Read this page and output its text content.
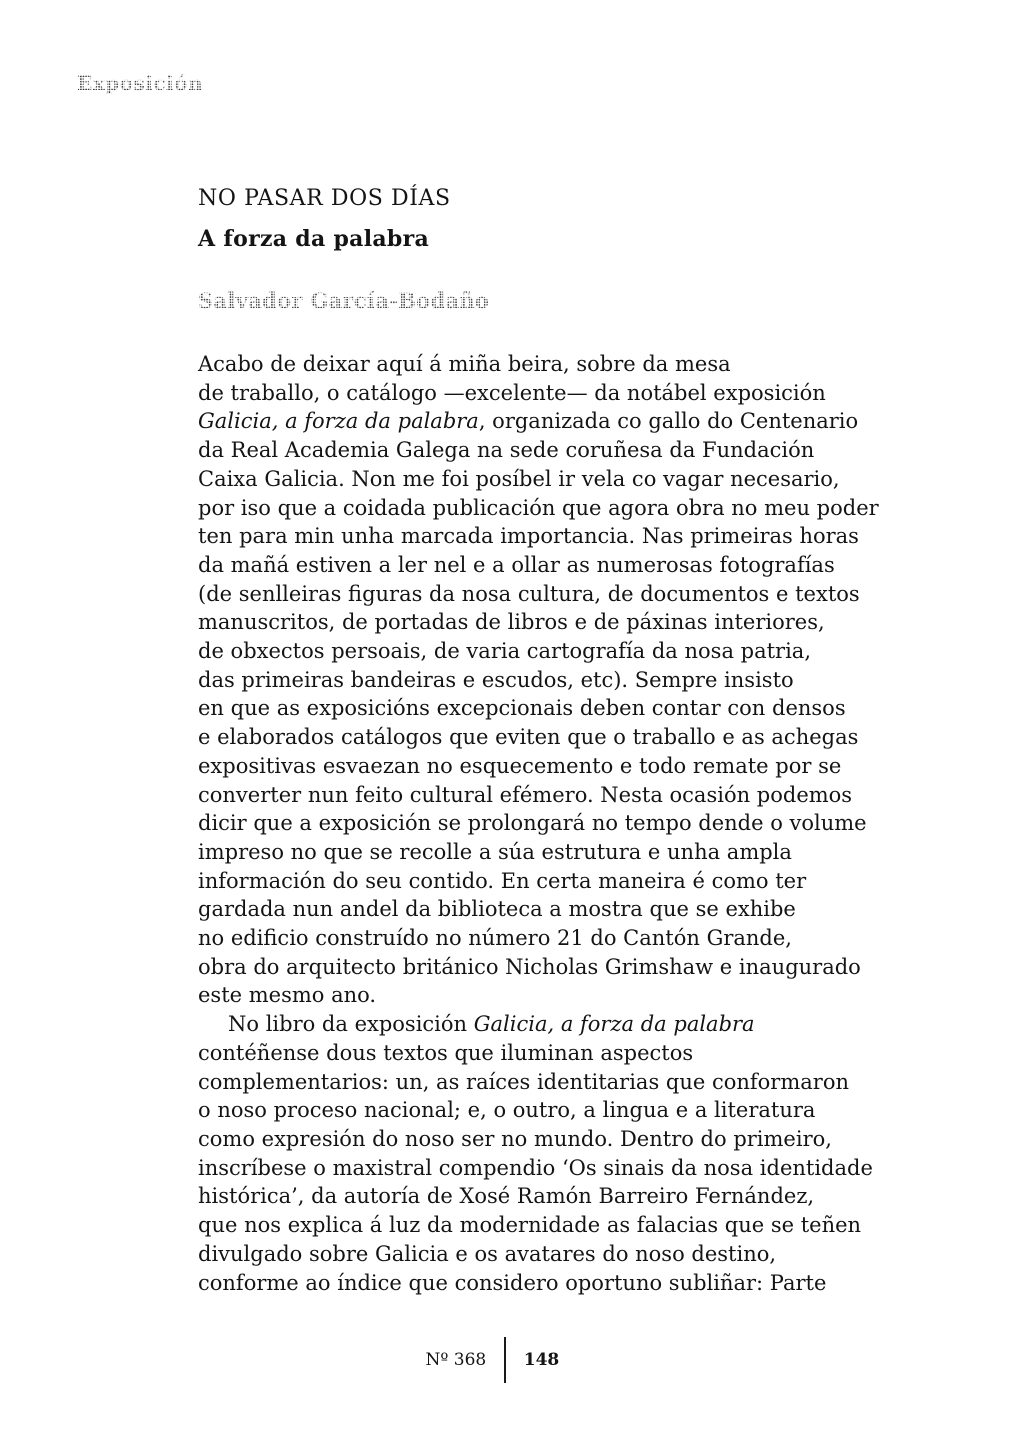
Exposición
NO PASAR DOS DÍAS
A forza da palabra
Salvador García-Bodaño
Acabo de deixar aquí á miña beira, sobre da mesa
de traballo, o catálogo —excelente— da notábel exposición
Galicia, a forza da palabra, organizada co gallo do Centenario
da Real Academia Galega na sede coruñesa da Fundación
Caixa Galicia. Non me foi posíbel ir vela co vagar necesario,
por iso que a coidada publicación que agora obra no meu poder
ten para min unha marcada importancia. Nas primeiras horas
da mañá estiven a ler nel e a ollar as numerosas fotografías
(de senlleiras figuras da nosa cultura, de documentos e textos
manuscritos, de portadas de libros e de páxinas interiores,
de obxectos persoais, de varia cartografía da nosa patria,
das primeiras bandeiras e escudos, etc). Sempre insisto
en que as exposicións excepcionais deben contar con densos
e elaborados catálogos que eviten que o traballo e as achegas
expositivas esvaezan no esquecemento e todo remate por se
converter nun feito cultural efémero. Nesta ocasión podemos
dicir que a exposición se prolongará no tempo dende o volume
impreso no que se recolle a súa estrutura e unha ampla
información do seu contido. En certa maneira é como ter
gardada nun andel da biblioteca a mostra que se exhibe
no edificio construído no número 21 do Cantón Grande,
obra do arquitecto británico Nicholas Grimshaw e inaugurado
este mesmo ano.
No libro da exposición Galicia, a forza da palabra
contéñense dous textos que iluminan aspectos
complementarios: un, as raíces identitarias que conformaron
o noso proceso nacional; e, o outro, a lingua e a literatura
como expresión do noso ser no mundo. Dentro do primeiro,
inscríbese o maxistral compendio ‘Os sinais da nosa identidade
histórica’, da autoría de Xosé Ramón Barreiro Fernández,
que nos explica á luz da modernidade as falacias que se teñen
divulgado sobre Galicia e os avatares do noso destino,
conforme ao índice que considero oportuno subliñar: Parte
Nº 368	148
